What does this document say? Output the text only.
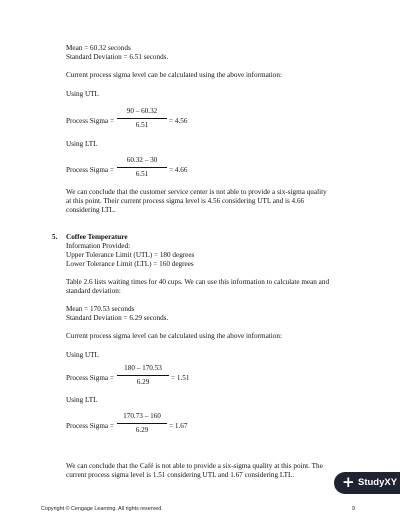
Mean = 60.32 seconds

Standard Deviation = 6.51 seconds.

Current process sigma level can be calculated using the above information:

Using UTL

Process Sigma =
90 – 60.32
6.51	= 4.56

Using LTL

Process Sigma =
60.32 – 30
6.51	= 4.66

We can conclude that the customer service center is not able to provide a six-sigma quality

at this point. Their current process sigma level is 4.56 considering UTL and is 4.66

considering LTL.

5. Coffee Temperature

Information Provided:

Upper Tolerance Limit (UTL) = 180 degrees

Lower Tolerance Limit (LTL) = 160 degrees

Table 2.6 lists waiting times for 40 cups. We can use this information to calculate mean and

standard deviation:

Mean = 170.53 seconds

Standard Deviation = 6.29 seconds.

Current process sigma level can be calculated using the above information:

Using UTL

Process Sigma =
180 – 170.53
6.29	= 1.51

Using LTL

Process Sigma =
170.73 – 160
6.29	= 1.67

We can conclude that the Café is not able to provide a six-sigma quality at this point. The

current process sigma level is 1.51 considering UTL and 1.67 considering LTL.	+ StudyXY
Copyright © Cengage Learning. All rights reserved.	9
